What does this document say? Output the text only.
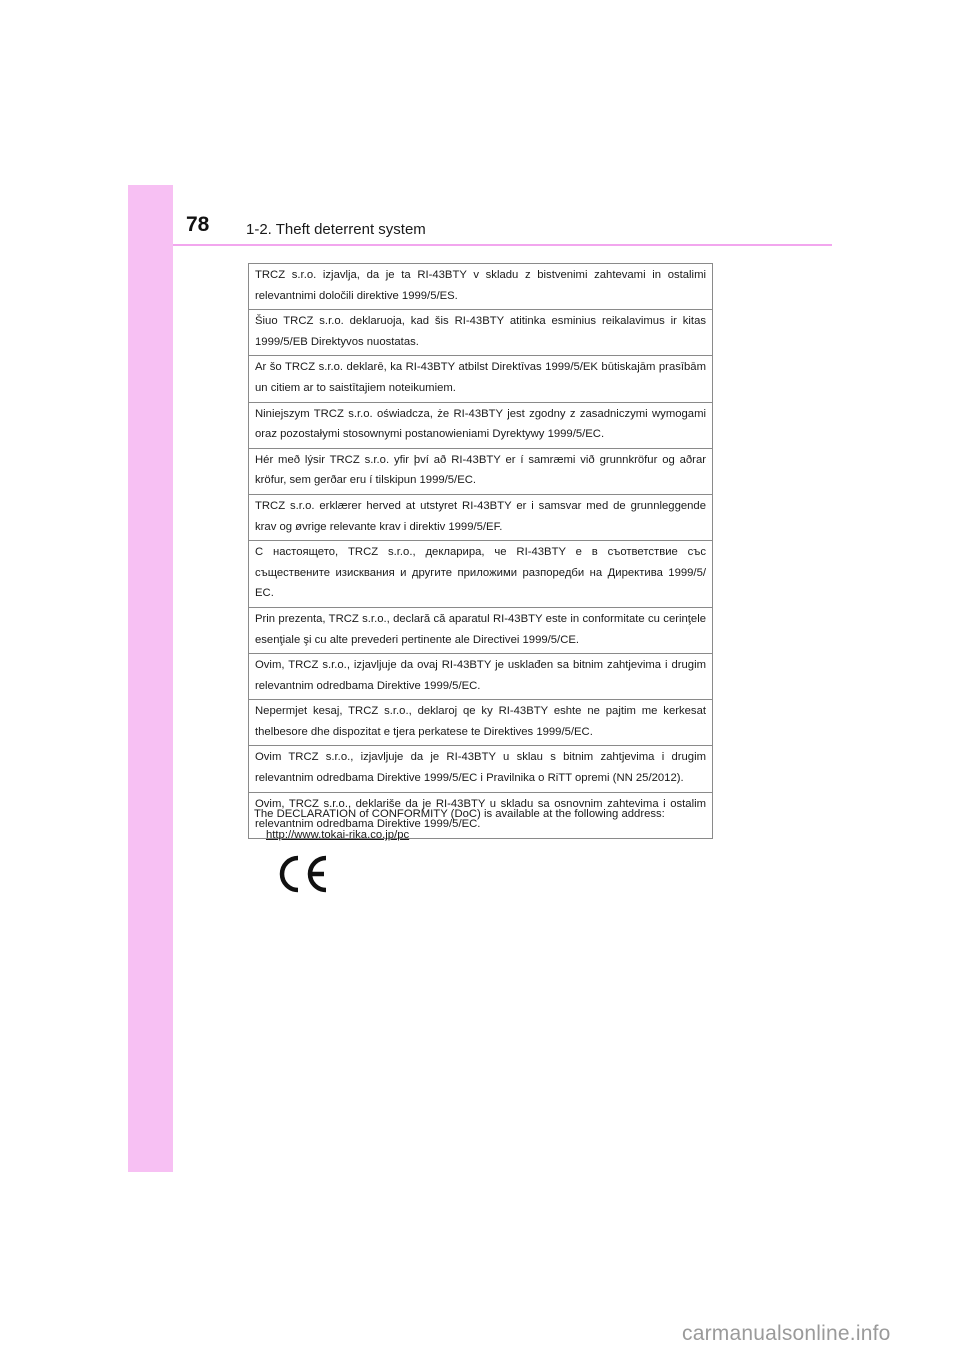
78 1-2. Theft deterrent system
TRCZ s.r.o. izjavlja, da je ta RI-43BTY v skladu z bistvenimi zahtevami in ostalimi relevantnimi določili direktive 1999/5/ES.
Šiuo TRCZ s.r.o. deklaruoja, kad šis RI-43BTY atitinka esminius reikalavimus ir kitas 1999/5/EB Direktyvos nuostatas.
Ar šo TRCZ s.r.o. deklarē, ka RI-43BTY atbilst Direktīvas 1999/5/EK būtiskajām prasībām un citiem ar to saistītajiem noteikumiem.
Niniejszym TRCZ s.r.o. oświadcza, że RI-43BTY jest zgodny z zasadniczymi wymogami oraz pozostałymi stosownymi postanowieniami Dyrektywy 1999/5/EC.
Hér með lýsir TRCZ s.r.o. yfir því að RI-43BTY er í samræmi við grunnkröfur og aðrar kröfur, sem gerðar eru í tilskipun 1999/5/EC.
TRCZ s.r.o. erklærer herved at utstyret RI-43BTY er i samsvar med de grunnleggende krav og øvrige relevante krav i direktiv 1999/5/EF.
С настоящето, TRCZ s.r.o., декларира, че RI-43BTY е в съответствие със съществените изисквания и другите приложими разпоредби на Директива 1999/5/ЕС.
Prin prezenta, TRCZ s.r.o., declară că aparatul RI-43BTY este in conformitate cu cerinţele esenţiale şi cu alte prevederi pertinente ale Directivei 1999/5/CE.
Ovim, TRCZ s.r.o., izjavljuje da ovaj RI-43BTY je usklađen sa bitnim zahtjevima i drugim relevantnim odredbama Direktive 1999/5/EC.
Nepermjet kesaj, TRCZ s.r.o., deklaroj qe ky RI-43BTY eshte ne pajtim me kerkesat thelbesore dhe dispozitat e tjera perkatese te Direktives 1999/5/EC.
Ovim TRCZ s.r.o., izjavljuje da je RI-43BTY u sklau s bitnim zahtjevima i drugim relevantnim odredbama Direktive 1999/5/EC i Pravilnika o RiTT opremi (NN 25/2012).
Ovim, TRCZ s.r.o., deklariše da je RI-43BTY u skladu sa osnovnim zahtevima i ostalim relevantnim odredbama Direktive 1999/5/EC.
The DECLARATION of CONFORMITY (DoC) is available at the following address:
http://www.tokai-rika.co.jp/pc
carmanualsonline.info
